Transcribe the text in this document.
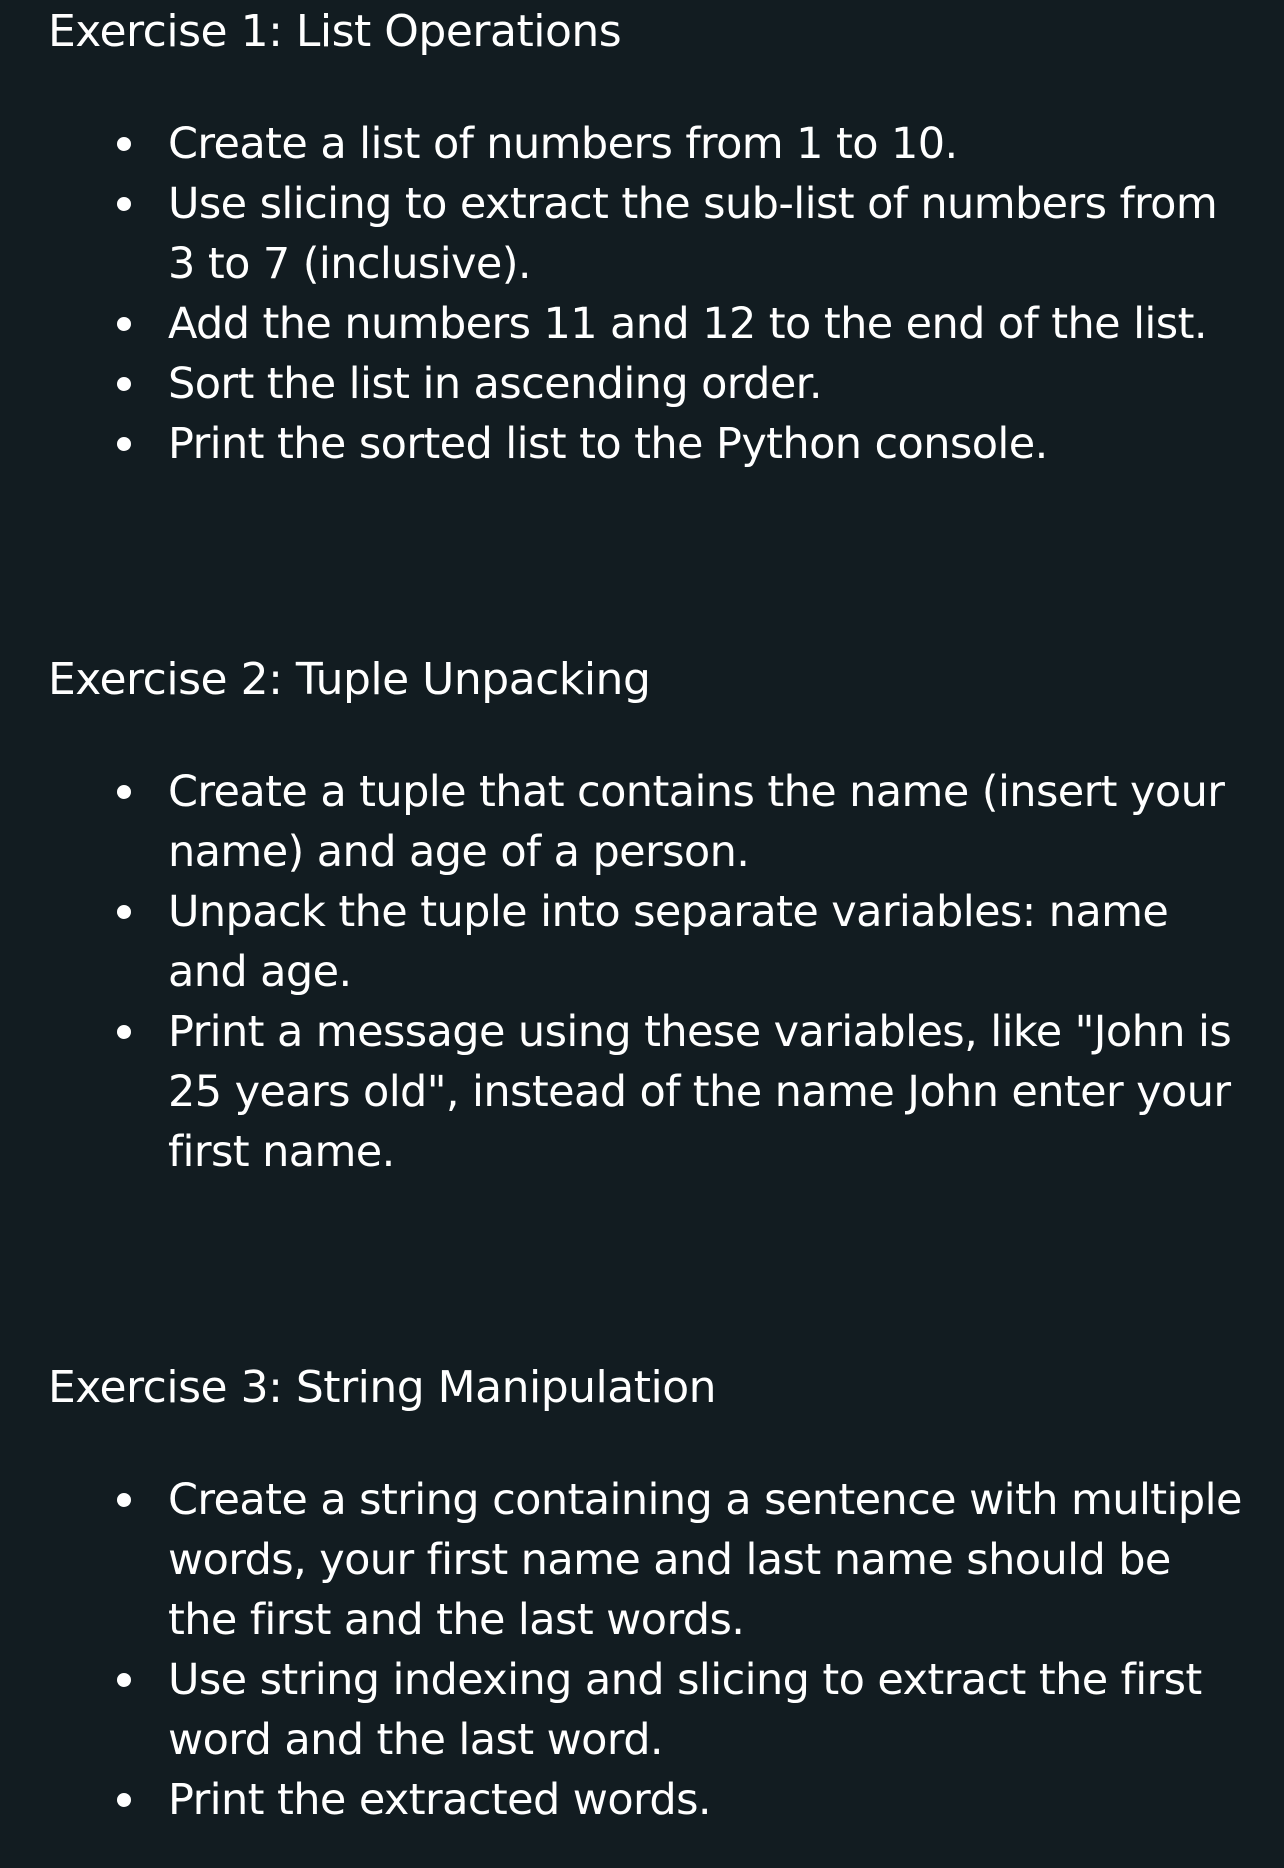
Exercise 1: List Operations
Create a list of numbers from 1 to 10.
Use slicing to extract the sub-list of numbers from 3 to 7 (inclusive).
Add the numbers 11 and 12 to the end of the list.
Sort the list in ascending order.
Print the sorted list to the Python console.
Exercise 2: Tuple Unpacking
Create a tuple that contains the name (insert your name) and age of a person.
Unpack the tuple into separate variables: name and age.
Print a message using these variables, like "John is 25 years old", instead of the name John enter your first name.
Exercise 3: String Manipulation
Create a string containing a sentence with multiple words, your first name and last name should be the first and the last words.
Use string indexing and slicing to extract the first word and the last word.
Print the extracted words.
